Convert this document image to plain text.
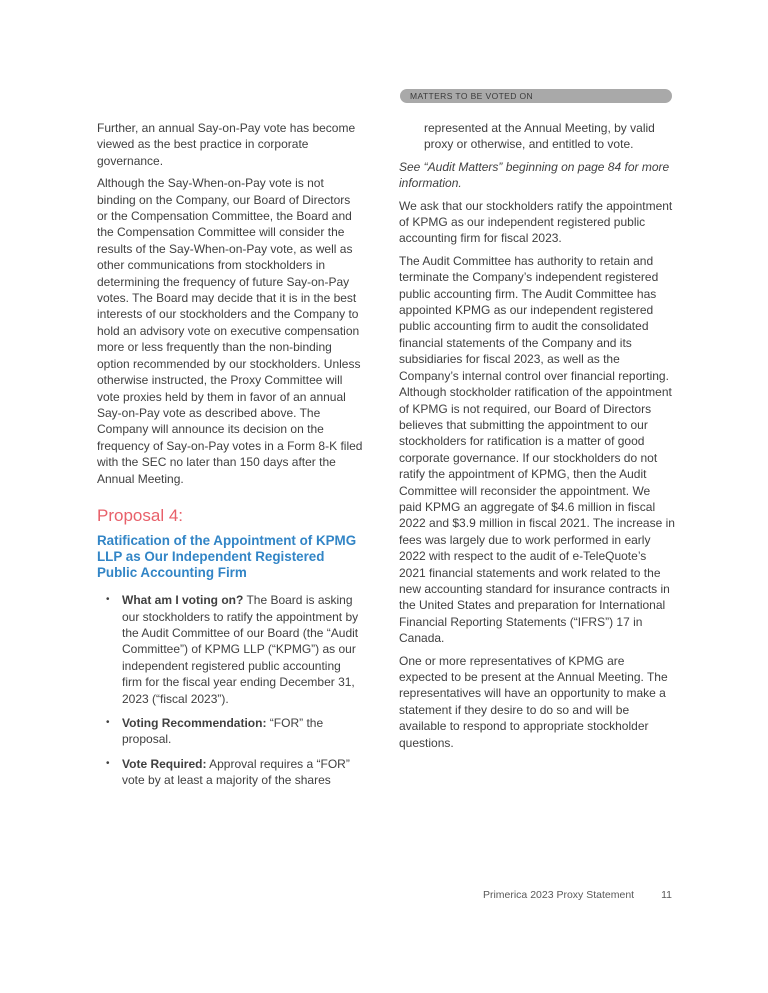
MATTERS TO BE VOTED ON

Further, an annual Say-on-Pay vote has become viewed as the best practice in corporate governance.

Although the Say-When-on-Pay vote is not binding on the Company, our Board of Directors or the Compensation Committee, the Board and the Compensation Committee will consider the results of the Say-When-on-Pay vote, as well as other communications from stockholders in determining the frequency of future Say-on-Pay votes. The Board may decide that it is in the best interests of our stockholders and the Company to hold an advisory vote on executive compensation more or less frequently than the non-binding option recommended by our stockholders. Unless otherwise instructed, the Proxy Committee will vote proxies held by them in favor of an annual Say-on-Pay vote as described above. The Company will announce its decision on the frequency of Say-on-Pay votes in a Form 8-K filed with the SEC no later than 150 days after the Annual Meeting.

Proposal 4:
Ratification of the Appointment of KPMG LLP as Our Independent Registered Public Accounting Firm
•	What am I voting on? The Board is asking our stockholders to ratify the appointment by the Audit Committee of our Board (the “Audit Committee”) of KPMG LLP (“KPMG”) as our independent registered public accounting firm for the fiscal year ending December 31, 2023 (“fiscal 2023”).
•	Voting Recommendation: “FOR” the proposal.
•	Vote Required: Approval requires a “FOR” vote by at least a majority of the shares

represented at the Annual Meeting, by valid proxy or otherwise, and entitled to vote.

See “Audit Matters” beginning on page 84 for more information.

We ask that our stockholders ratify the appointment of KPMG as our independent registered public accounting firm for fiscal 2023.

The Audit Committee has authority to retain and terminate the Company’s independent registered public accounting firm. The Audit Committee has appointed KPMG as our independent registered public accounting firm to audit the consolidated financial statements of the Company and its subsidiaries for fiscal 2023, as well as the Company’s internal control over financial reporting. Although stockholder ratification of the appointment of KPMG is not required, our Board of Directors believes that submitting the appointment to our stockholders for ratification is a matter of good corporate governance. If our stockholders do not ratify the appointment of KPMG, then the Audit Committee will reconsider the appointment. We paid KPMG an aggregate of $4.6 million in fiscal 2022 and $3.9 million in fiscal 2021. The increase in fees was largely due to work performed in early 2022 with respect to the audit of e-TeleQuote’s 2021 financial statements and work related to the new accounting standard for insurance contracts in the United States and preparation for International Financial Reporting Statements (“IFRS”) 17 in Canada.

One or more representatives of KPMG are expected to be present at the Annual Meeting. The representatives will have an opportunity to make a statement if they desire to do so and will be available to respond to appropriate stockholder questions.

Primerica 2023 Proxy Statement	11
